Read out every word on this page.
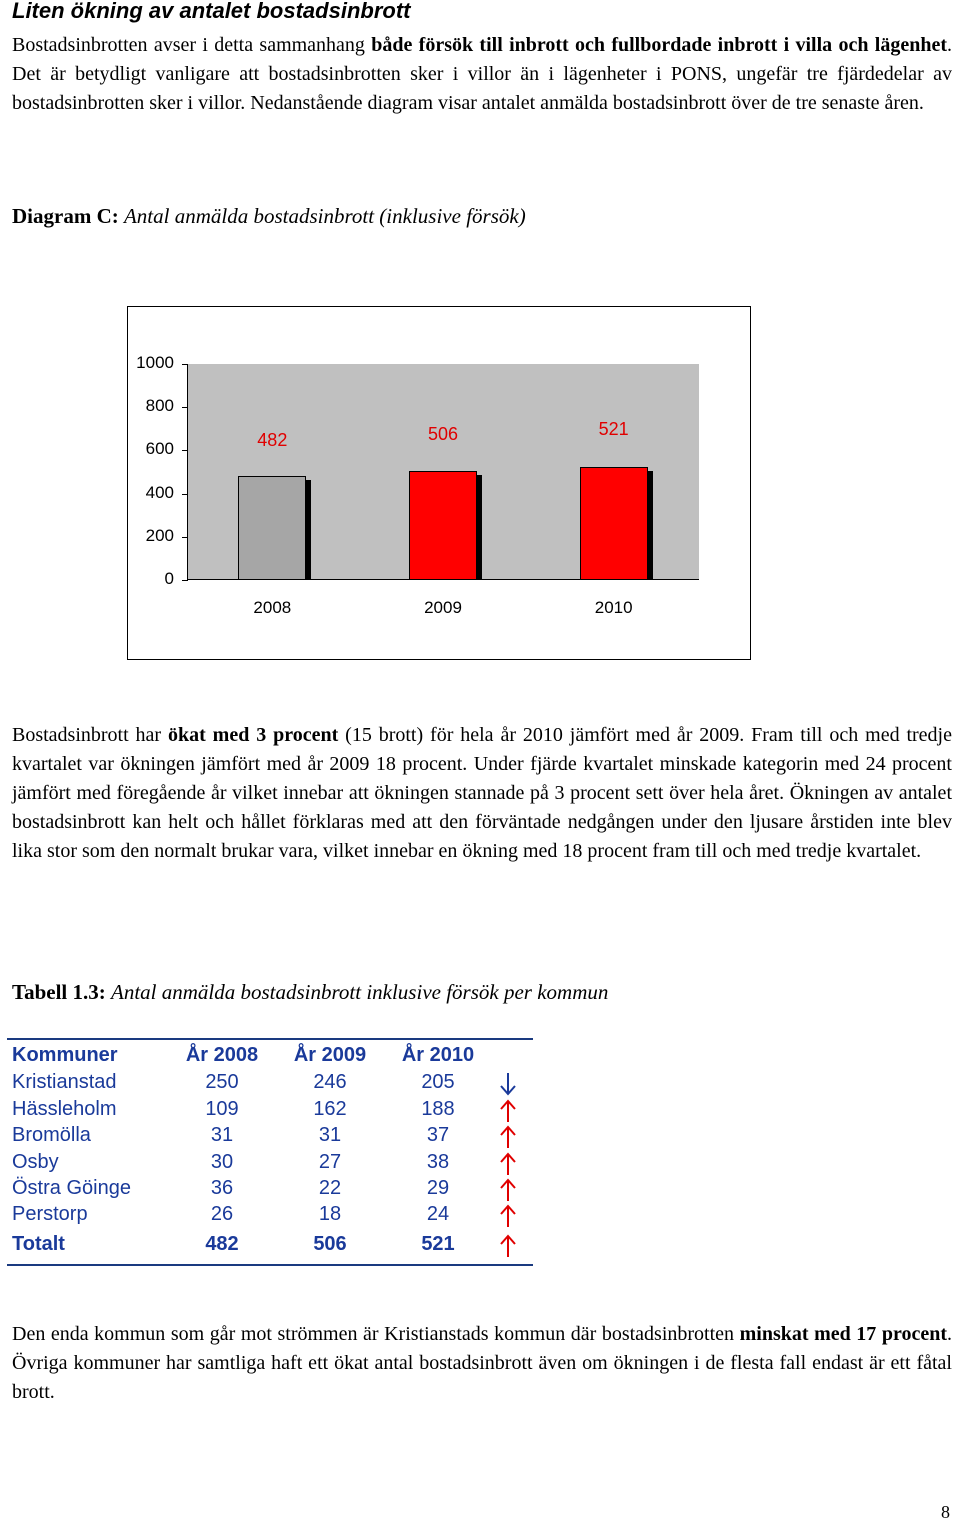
Liten ökning av antalet bostadsinbrott
Bostadsinbrotten avser i detta sammanhang både försök till inbrott och fullbordade inbrott i villa och lägenhet. Det är betydligt vanligare att bostadsinbrotten sker i villor än i lägenheter i PONS, ungefär tre fjärdedelar av bostadsinbrotten sker i villor. Nedanstående diagram visar antalet anmälda bostadsinbrott över de tre senaste åren.
Diagram C: Antal anmälda bostadsinbrott (inklusive försök)
0
200
400
600
800
1000
482
2008
506
2009
521
2010
Bostadsinbrott har ökat med 3 procent (15 brott) för hela år 2010 jämfört med år 2009. Fram till och med tredje kvartalet var ökningen jämfört med år 2009 18 procent. Under fjärde kvartalet minskade kategorin med 24 procent jämfört med föregående år vilket innebar att ökningen stannade på 3 procent sett över hela året. Ökningen av antalet bostadsinbrott kan helt och hållet förklaras med att den förväntade nedgången under den ljusare årstiden inte blev lika stor som den normalt brukar vara, vilket innebar en ökning med 18 procent fram till och med tredje kvartalet.
Tabell 1.3: Antal anmälda bostadsinbrott inklusive försök per kommun
Kommuner	År 2008	År 2009	År 2010
Kristianstad	250	246	205
Hässleholm	109	162	188
Bromölla	31	31	37
Osby	30	27	38
Östra Göinge	36	22	29
Perstorp	26	18	24
Totalt	482	506	521
Den enda kommun som går mot strömmen är Kristianstads kommun där bostadsinbrotten minskat med 17 procent. Övriga kommuner har samtliga haft ett ökat antal bostadsinbrott även om ökningen i de flesta fall endast är ett fåtal brott.
8
